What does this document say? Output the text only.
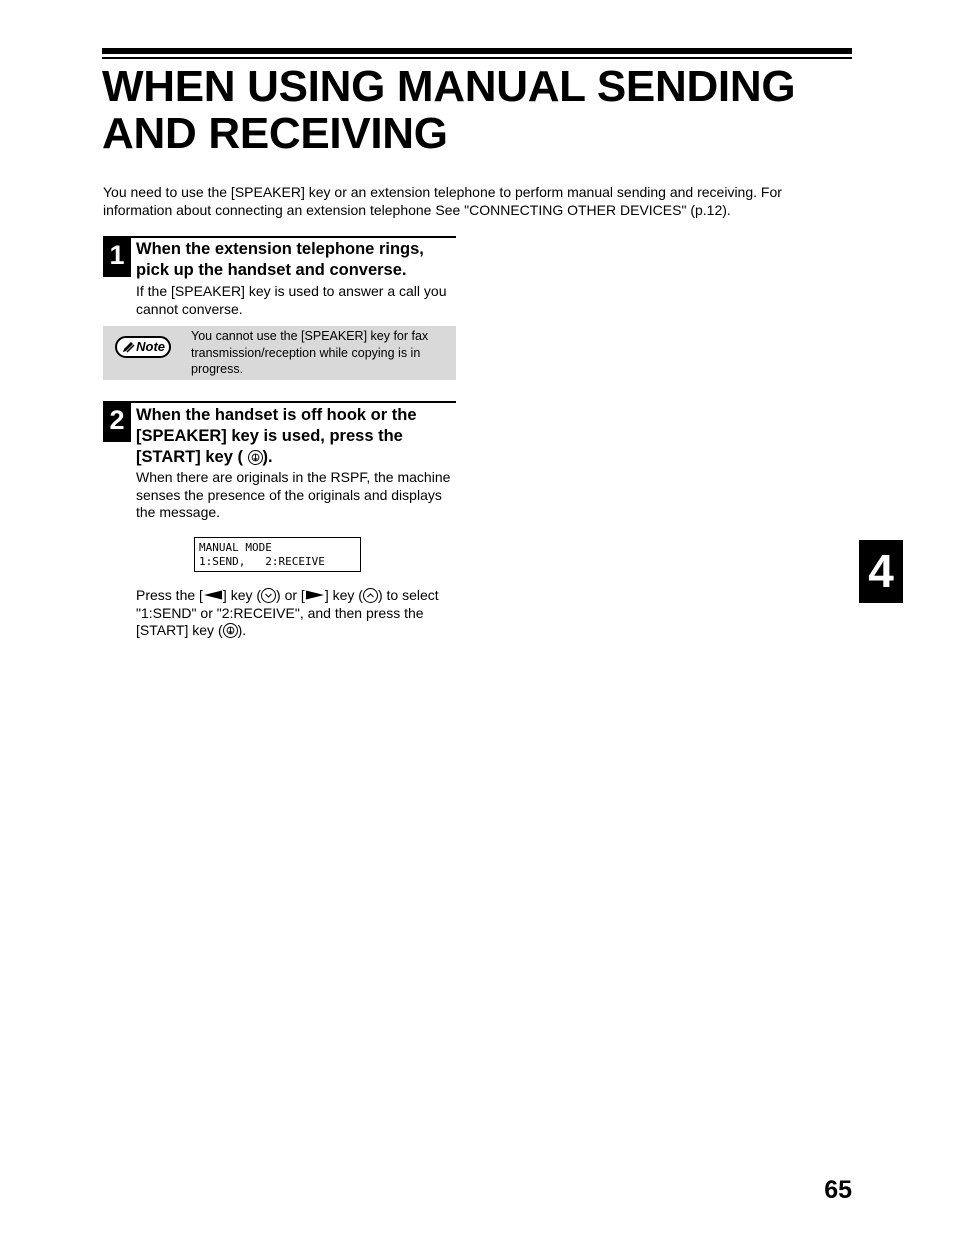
WHEN USING MANUAL SENDING AND RECEIVING

You need to use the [SPEAKER] key or an extension telephone to perform manual sending and receiving. For information about connecting an extension telephone See "CONNECTING OTHER DEVICES" (p.12).

1 When the extension telephone rings, pick up the handset and converse.

If the [SPEAKER] key is used to answer a call you cannot converse.

Note

You cannot use the [SPEAKER] key for fax transmission/reception while copying is in progress.

2 When the handset is off hook or the [SPEAKER] key is used, press the [START] key ( ).

When there are originals in the RSPF, the machine senses the presence of the originals and displays the message.

MANUAL MODE
1:SEND,   2:RECEIVE

Press the [ ] key ( ) or [ ] key ( ) to select "1:SEND" or "2:RECEIVE", and then press the [START] key ( ).

4
65
